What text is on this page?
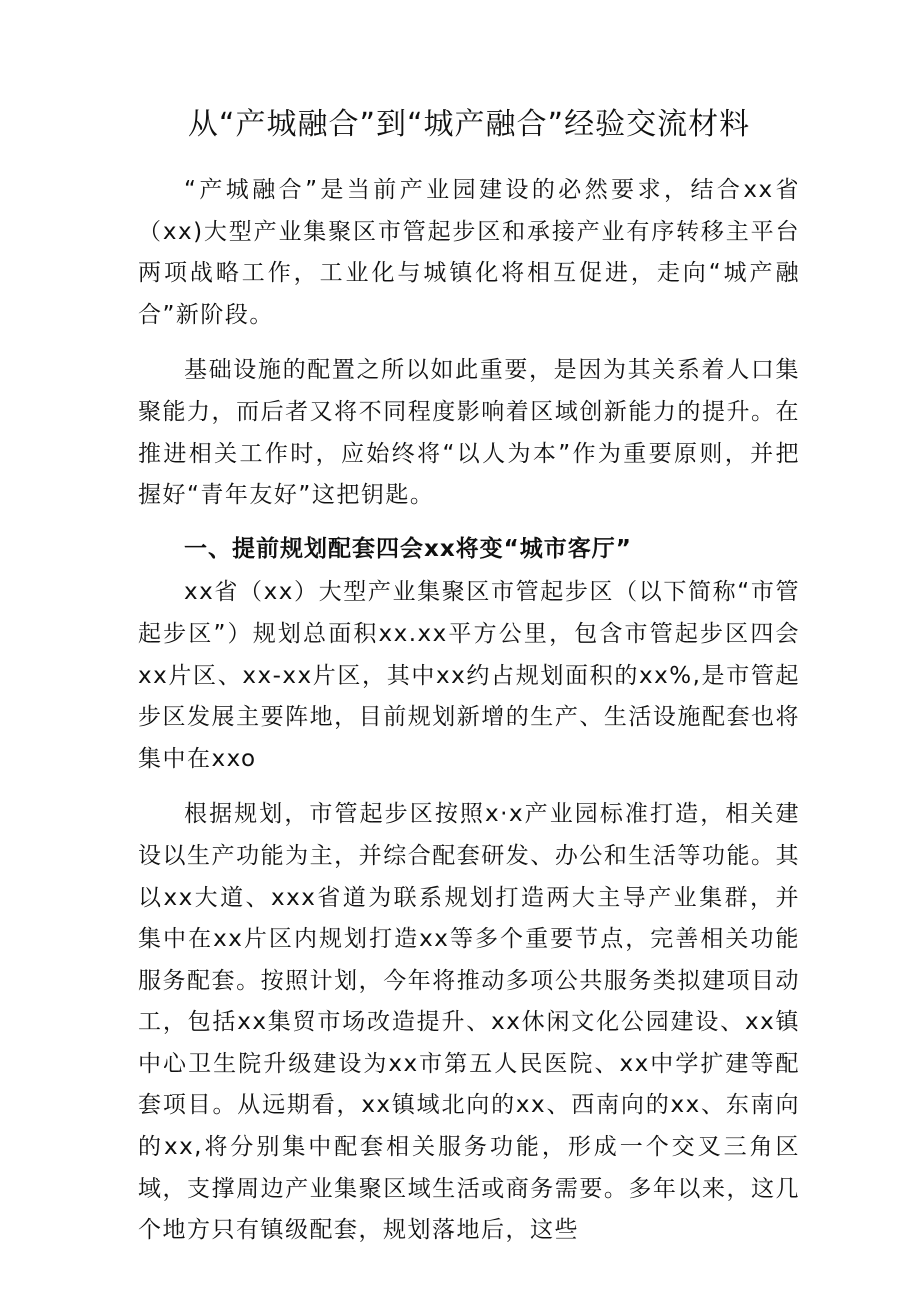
从“产城融合”到“城产融合”经验交流材料

“产城融合”是当前产业园建设的必然要求，结合xx省（xx)大型产业集聚区市管起步区和承接产业有序转移主平台两项战略工作，工业化与城镇化将相互促进，走向“城产融合”新阶段。

基础设施的配置之所以如此重要，是因为其关系着人口集聚能力，而后者又将不同程度影响着区域创新能力的提升。在推进相关工作时，应始终将“以人为本”作为重要原则，并把握好“青年友好”这把钥匙。

一、提前规划配套四会xx将变“城市客厅”

xx省（xx）大型产业集聚区市管起步区（以下简称“市管起步区”）规划总面积xx.xx平方公里，包含市管起步区四会xx片区、xx-xx片区，其中xx约占规划面积的xx%,是市管起步区发展主要阵地，目前规划新增的生产、生活设施配套也将集中在xxo

根据规划，市管起步区按照x·x产业园标准打造，相关建设以生产功能为主，并综合配套研发、办公和生活等功能。其以xx大道、xxx省道为联系规划打造两大主导产业集群，并集中在xx片区内规划打造xx等多个重要节点，完善相关功能服务配套。按照计划，今年将推动多项公共服务类拟建项目动工，包括xx集贸市场改造提升、xx休闲文化公园建设、xx镇中心卫生院升级建设为xx市第五人民医院、xx中学扩建等配套项目。从远期看，xx镇域北向的xx、西南向的xx、东南向的xx,将分别集中配套相关服务功能，形成一个交叉三角区域，支撑周边产业集聚区域生活或商务需要。多年以来，这几个地方只有镇级配套，规划落地后，这些
